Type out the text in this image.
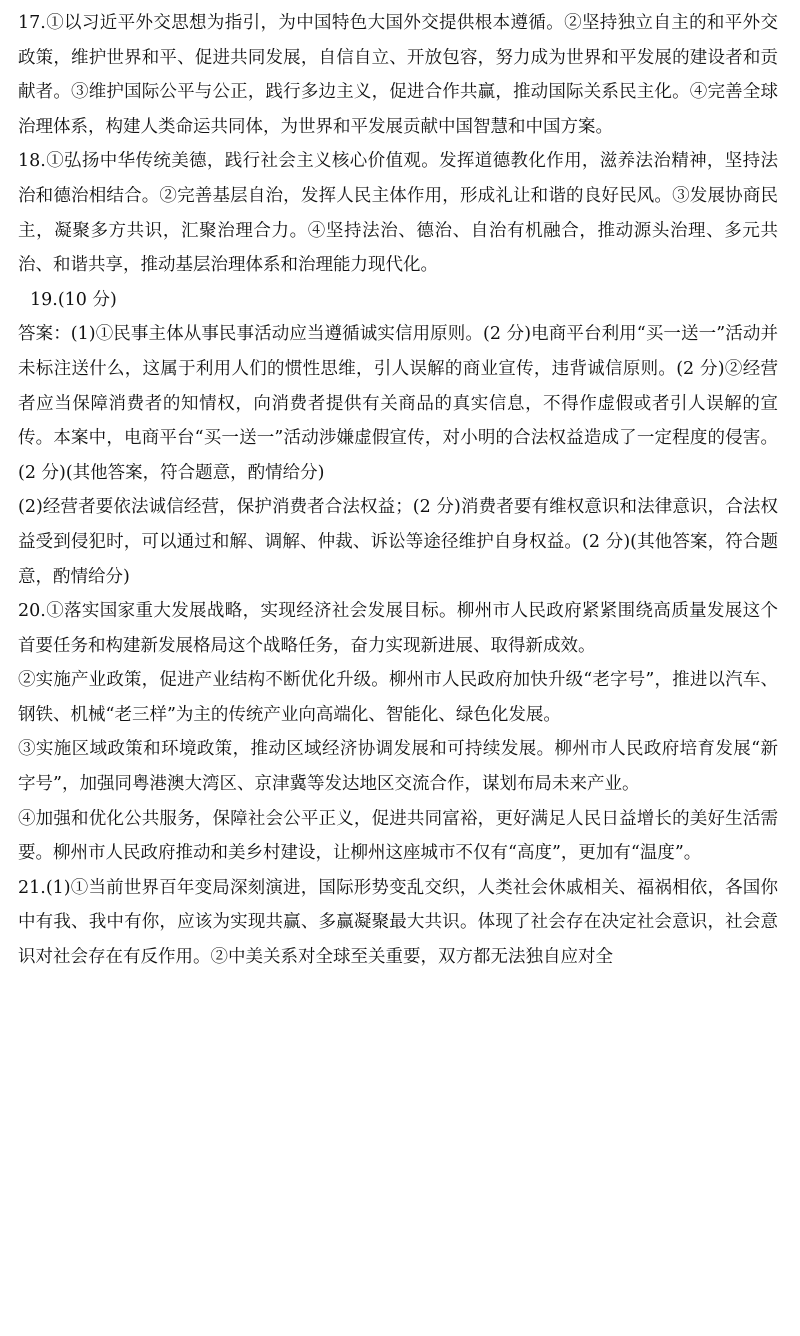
17.①以习近平外交思想为指引，为中国特色大国外交提供根本遵循。②坚持独立自主的和平外交政策，维护世界和平、促进共同发展，自信自立、开放包容，努力成为世界和平发展的建设者和贡献者。③维护国际公平与公正，践行多边主义，促进合作共赢，推动国际关系民主化。④完善全球治理体系，构建人类命运共同体，为世界和平发展贡献中国智慧和中国方案。

18.①弘扬中华传统美德，践行社会主义核心价值观。发挥道德教化作用，滋养法治精神，坚持法治和德治相结合。②完善基层自治，发挥人民主体作用，形成礼让和谐的良好民风。③发展协商民主，凝聚多方共识，汇聚治理合力。④坚持法治、德治、自治有机融合，推动源头治理、多元共治、和谐共享，推动基层治理体系和治理能力现代化。

19.(10 分)

答案：(1)①民事主体从事民事活动应当遵循诚实信用原则。(2 分)电商平台利用“买一送一”活动并未标注送什么，这属于利用人们的惯性思维，引人误解的商业宣传，违背诚信原则。(2 分)②经营者应当保障消费者的知情权，向消费者提供有关商品的真实信息，不得作虚假或者引人误解的宣传。本案中，电商平台“买一送一”活动涉嫌虚假宣传，对小明的合法权益造成了一定程度的侵害。(2 分)(其他答案，符合题意，酌情给分)

(2)经营者要依法诚信经营，保护消费者合法权益；(2 分)消费者要有维权意识和法律意识，合法权益受到侵犯时，可以通过和解、调解、仲裁、诉讼等途径维护自身权益。(2 分)(其他答案，符合题意，酌情给分)

20.①落实国家重大发展战略，实现经济社会发展目标。柳州市人民政府紧紧围绕高质量发展这个首要任务和构建新发展格局这个战略任务，奋力实现新进展、取得新成效。

②实施产业政策，促进产业结构不断优化升级。柳州市人民政府加快升级“老字号”，推进以汽车、钢铁、机械“老三样”为主的传统产业向高端化、智能化、绿色化发展。

③实施区域政策和环境政策，推动区域经济协调发展和可持续发展。柳州市人民政府培育发展“新字号”，加强同粤港澳大湾区、京津冀等发达地区交流合作，谋划布局未来产业。

④加强和优化公共服务，保障社会公平正义，促进共同富裕，更好满足人民日益增长的美好生活需要。柳州市人民政府推动和美乡村建设，让柳州这座城市不仅有“高度”，更加有“温度”。

21.(1)①当前世界百年变局深刻演进，国际形势变乱交织，人类社会休戚相关、福祸相依，各国你中有我、我中有你，应该为实现共赢、多赢凝聚最大共识。体现了社会存在决定社会意识，社会意识对社会存在有反作用。②中美关系对全球至关重要，双方都无法独自应对全
